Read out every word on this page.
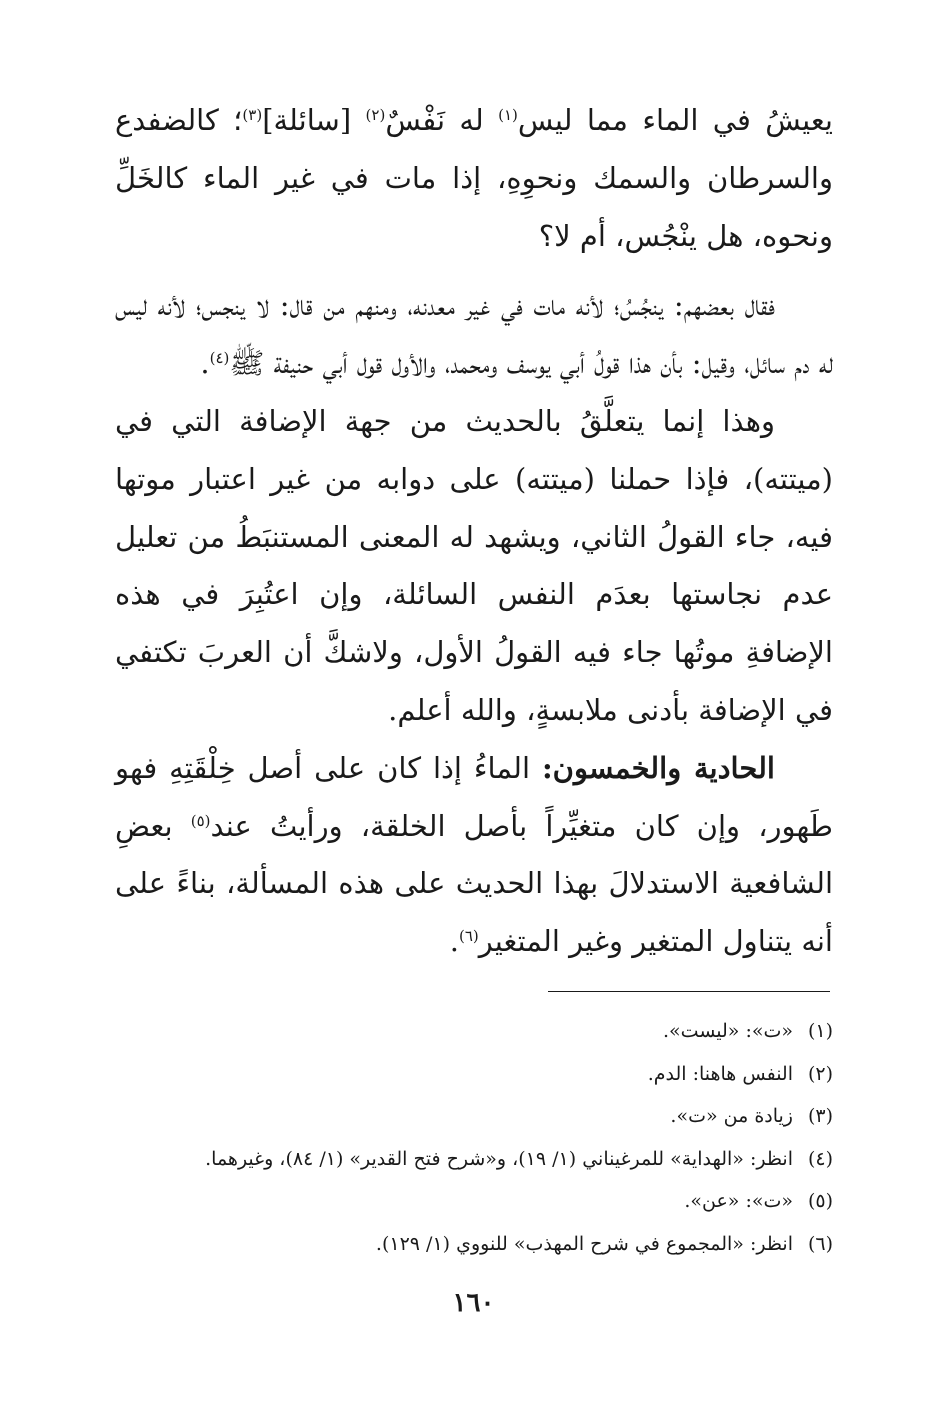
يعيشُ في الماء مما ليس$^{(١)}$ له نَفْسٌ$^{(٢)}$ [سائلة]$^{(٣)}$؛ كالضفدع والسرطان والسمك ونحوِهِ، إذا مات في غير الماء كالخَلِّ ونحوه، هل ينْجُس، أم لا؟

فقال بعضهم: ينجُسُ؛ لأنه مات في غير معدنه، ومنهم من قال: لا ينجس؛ لأنه ليس له دم سائل، وقيل: بأن هذا قولُ أبي يوسف ومحمد، والأول قول أبي حنيفة ﷺ$^{(٤)}$.

وهذا إنما يتعلَّقُ بالحديث من جهة الإضافة التي في (ميتته)، فإذا حملنا (ميتته) على دوابه من غير اعتبار موتها فيه، جاء القولُ الثاني، ويشهد له المعنى المستنبَطُ من تعليل عدم نجاستها بعدَم النفس السائلة، وإن اعتُبِرَ في هذه الإضافةِ موتُها جاء فيه القولُ الأول، ولاشكَّ أن العربَ تكتفي في الإضافة بأدنى ملابسةٍ، والله أعلم.

الحادية والخمسون: الماءُ إذا كان على أصل خِلْقَتِهِ فهو طَهور، وإن كان متغيِّراً بأصل الخلقة، ورأيتُ عند$^{(٥)}$ بعضِ الشافعية الاستدلالَ بهذا الحديث على هذه المسألة، بناءً على أنه يتناول المتغير وغير المتغير$^{(٦)}$.

(١)
«ت»: «ليست».
(٢)
النفس هاهنا: الدم.
(٣)
زيادة من «ت».
(٤)
انظر: «الهداية» للمرغيناني (١/ ١٩)، و«شرح فتح القدير» (١/ ٨٤)، وغيرهما.
(٥)
«ت»: «عن».
(٦)
انظر: «المجموع في شرح المهذب» للنووي (١/ ١٢٩).
١٦٠
